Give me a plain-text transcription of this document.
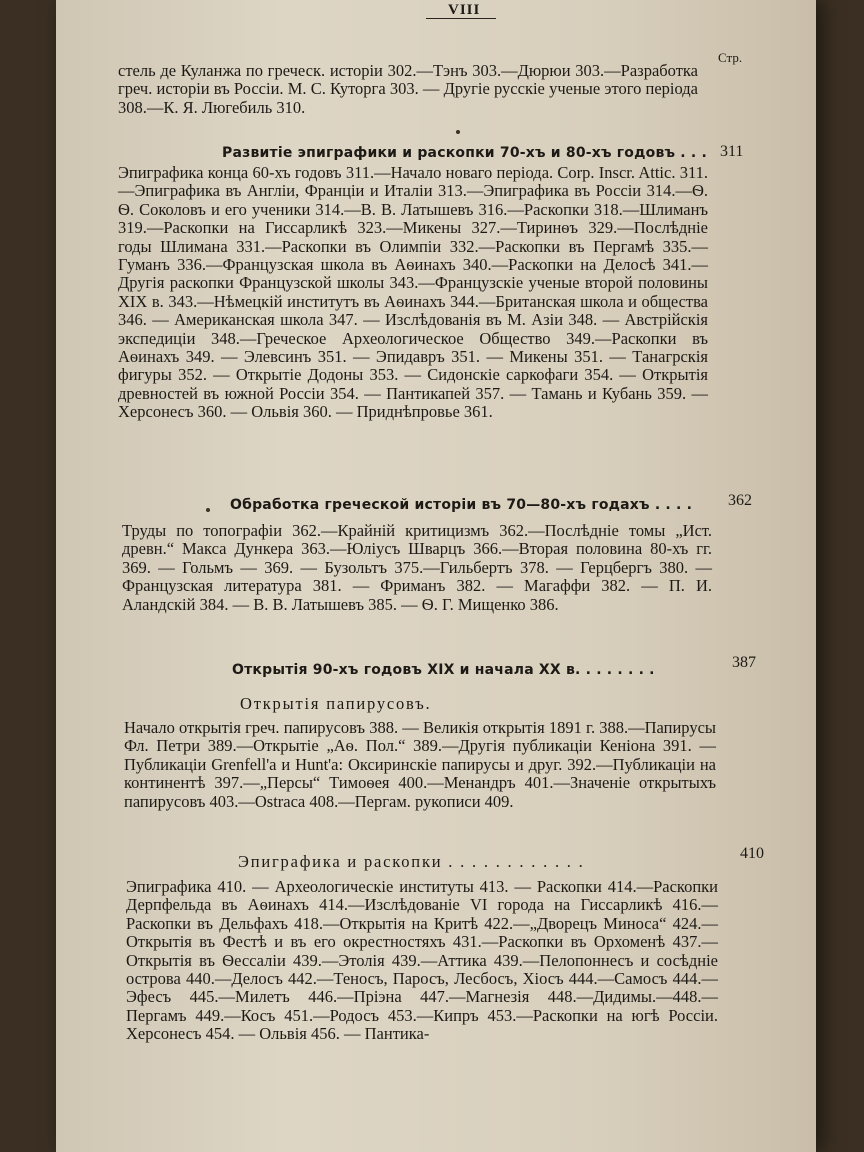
VIII
Стр.

стель де Куланжа по греческ. исторіи 302.—Тэнъ 303.—Дюрюи 303.—Разработка греч. исторіи въ Россіи. М. С. Куторга 303. — Другіе русскіе ученые этого періода 308.—К. Я. Люгебиль 310.

Развитіе эпиграфики и раскопки 70-хъ и 80-хъ годовъ . . . 311

Эпиграфика конца 60-хъ годовъ 311.—Начало новаго періода. Corp. Inscr. Attic. 311.—Эпиграфика въ Англіи, Франціи и Италіи 313.—Эпиграфика въ Россіи 314.—Ѳ. Ѳ. Соколовъ и его ученики 314.—В. В. Латышевъ 316.—Раскопки 318.—Шлиманъ 319.—Раскопки на Гиссарликѣ 323.—Микены 327.—Тиринѳъ 329.—Послѣдніе годы Шлимана 331.—Раскопки въ Олимпіи 332.—Раскопки въ Пергамѣ 335.—Гуманъ 336.—Французская школа въ Аѳинахъ 340.—Раскопки на Делосѣ 341.—Другія раскопки Французской школы 343.—Французскіе ученые второй половины XIX в. 343.—Нѣмецкій институтъ въ Аѳинахъ 344.—Британская школа и общества 346. — Американская школа 347. — Изслѣдованія въ М. Азіи 348. — Австрійскія экспедиціи 348.—Греческое Археологическое Общество 349.—Раскопки въ Аѳинахъ 349. — Элевсинъ 351. — Эпидавръ 351. — Микены 351. — Танагрскія фигуры 352. — Открытіе Додоны 353. — Сидонскіе саркофаги 354. — Открытія древностей въ южной Россіи 354. — Пантикапей 357. — Тамань и Кубань 359. — Херсонесъ 360. — Ольвія 360. — Приднѣпровье 361.

Обработка греческой исторіи въ 70—80-хъ годахъ . . . .	362

Труды по топографіи 362.—Крайній критицизмъ 362.—Послѣдніе томы „Ист. древн.“ Макса Дункера 363.—Юліусъ Шварцъ 366.—Вторая половина 80-хъ гг. 369. — Гольмъ — 369. — Бузольтъ 375.—Гильбертъ 378. — Герцбергъ 380. — Французская литература 381. — Фриманъ 382. — Магаффи 382. — П. И. Аландскій 384. — В. В. Латышевъ 385. — Ѳ. Г. Мищенко 386.

Открытія 90-хъ годовъ XIX и начала XX в. . . . . . . .	387
Открытія папирусовъ.

Начало открытія греч. папирусовъ 388. — Великія открытія 1891 г. 388.—Папирусы Фл. Петри 389.—Открытіе „Аѳ. Пол.“ 389.—Другія публикаціи Кеніона 391. — Публикаціи Grenfell'a и Hunt'a: Оксиринскіе папирусы и друг. 392.—Публикаціи на континентѣ 397.—„Персы“ Тимоѳея 400.—Менандръ 401.—Значеніе открытыхъ папирусовъ 403.—Ostraca 408.—Пергам. рукописи 409.

Эпиграфика и раскопки . . . . . . . . . . . .	410

Эпиграфика 410. — Археологическіе институты 413. — Раскопки 414.—Раскопки Дерпфельда въ Аѳинахъ 414.—Изслѣдованіе VI города на Гиссарликѣ 416.—Раскопки въ Дельфахъ 418.—Открытія на Критѣ 422.—„Дворецъ Миноса“ 424.—Открытія въ Фестѣ и въ его окрестностяхъ 431.—Раскопки въ Орхоменѣ 437.—Открытія въ Ѳессаліи 439.—Этолія 439.—Аттика 439.—Пелопоннесъ и сосѣдніе острова 440.—Делосъ 442.—Теносъ, Паросъ, Лесбосъ, Хіосъ 444.—Самосъ 444.—Эфесъ 445.—Милетъ 446.—Пріэна 447.—Магнезія 448.—Дидимы.—448.—Пергамъ 449.—Косъ 451.—Родосъ 453.—Кипръ 453.—Раскопки на югѣ Россіи. Херсонесъ 454. — Ольвія 456. — Пантика-
